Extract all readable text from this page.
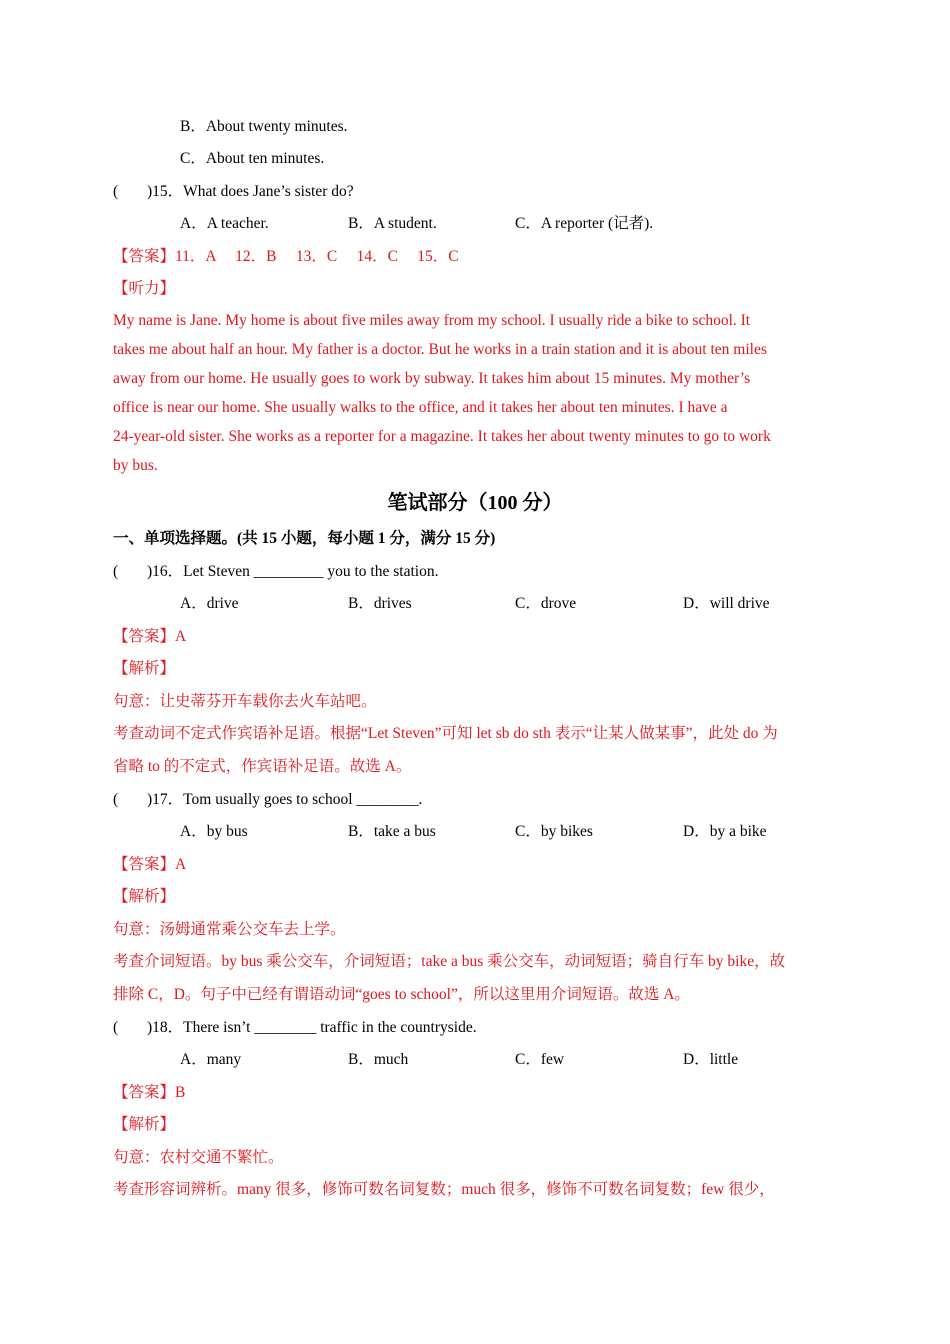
B．About twenty minutes.
C．About ten minutes.
( )15．What does Jane’s sister do?
A．A teacher.	B．A student.	C．A reporter (记者).
【答案】11．A　 12．B　 13．C　 14．C　 15．C
【听力】
My name is Jane. My home is about five miles away from my school. I usually ride a bike to school. It
takes me about half an hour. My father is a doctor. But he works in a train station and it is about ten miles
away from our home. He usually goes to work by subway. It takes him about 15 minutes. My mother’s
office is near our home. She usually walks to the office, and it takes her about ten minutes. I have a
24-year-old sister. She works as a reporter for a magazine. It takes her about twenty minutes to go to work
by bus.
笔试部分（100 分）
一、单项选择题。(共 15 小题，每小题 1 分，满分 15 分)
( )16．Let Steven _________ you to the station.
A．drive	B．drives	C．drove	D．will drive
【答案】A
【解析】
句意：让史蒂芬开车载你去火车站吧。
考查动词不定式作宾语补足语。根据“Let Steven”可知 let sb do sth 表示“让某人做某事”，此处 do 为
省略 to 的不定式，作宾语补足语。故选 A。
( )17．Tom usually goes to school ________.
A．by bus	B．take a bus	C．by bikes	D．by a bike
【答案】A
【解析】
句意：汤姆通常乘公交车去上学。
考查介词短语。by bus 乘公交车，介词短语；take a bus 乘公交车，动词短语；骑自行车 by bike，故
排除 C，D。句子中已经有谓语动词“goes to school”，所以这里用介词短语。故选 A。
( )18．There isn’t ________ traffic in the countryside.
A．many	B．much	C．few	D．little
【答案】B
【解析】
句意：农村交通不繁忙。
考查形容词辨析。many 很多，修饰可数名词复数；much 很多，修饰不可数名词复数；few 很少，
